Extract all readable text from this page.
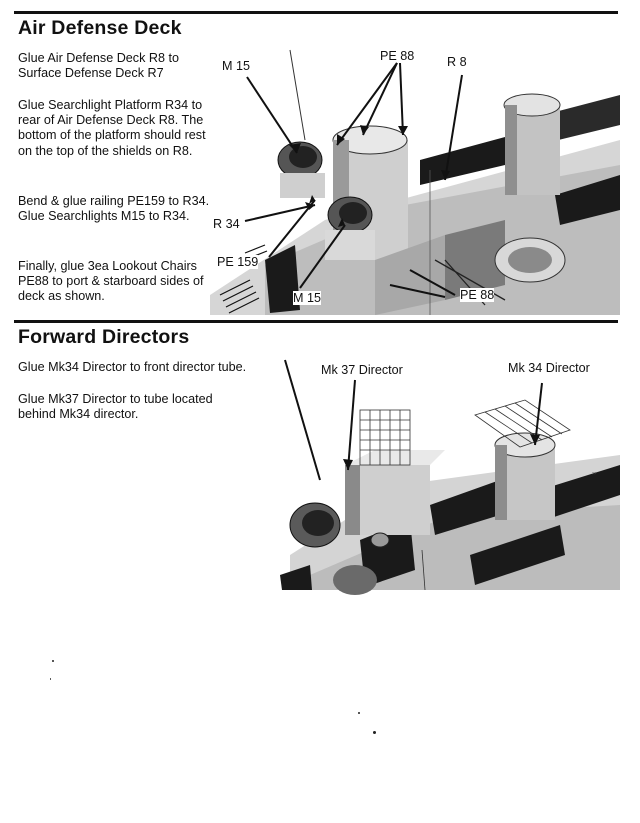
Air Defense Deck

Glue Air Defense Deck R8 to Surface Defense Deck R7

Glue Searchlight Platform R34 to rear of Air Defense Deck R8. The bottom of the platform should rest on the top of the shields on R8.

Bend & glue railing PE159 to R34. Glue Searchlights M15 to R34.

Finally, glue 3ea Lookout Chairs PE88 to port & starboard sides of deck as shown.

M 15
PE 88	R 8
R 34
PE 159
M 15	PE 88
Forward Directors

Glue Mk34 Director to front director tube.

Glue Mk37 Director to tube located behind Mk34 director.

‚‚
Mk 37 Director	Mk 34 Director
